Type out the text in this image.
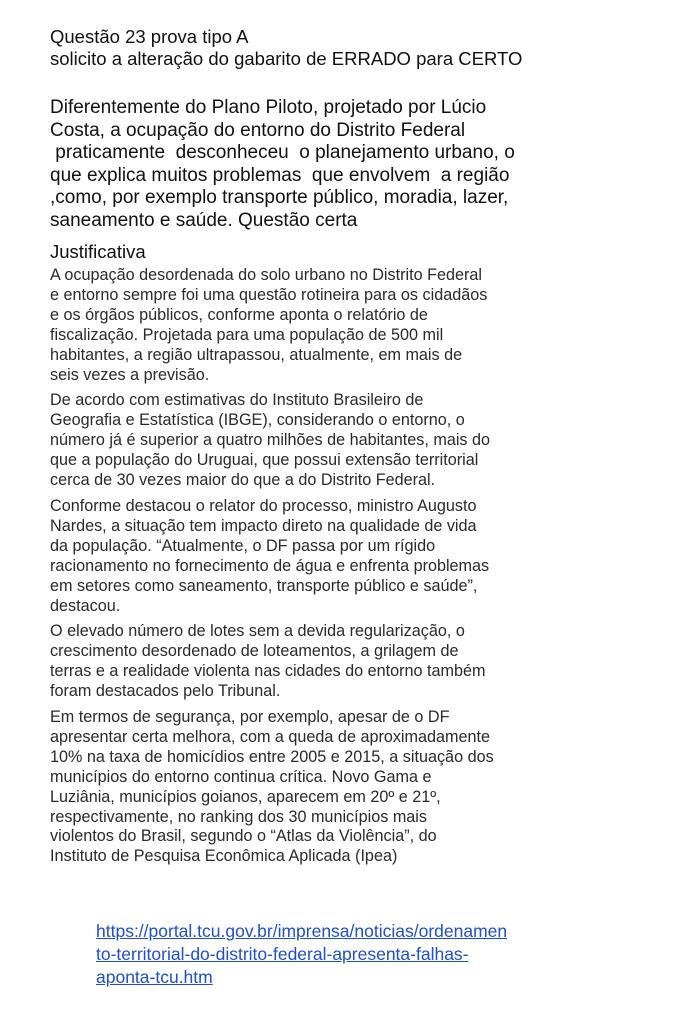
Questão 23 prova tipo A

solicito a alteração do gabarito de ERRADO para CERTO

Diferentemente do Plano Piloto, projetado por Lúcio

Costa, a ocupação do entorno do Distrito Federal

praticamente  desconheceu  o planejamento urbano, o

que explica muitos problemas  que envolvem  a região

,como, por exemplo transporte público, moradia, lazer,

saneamento e saúde. Questão certa

Justificativa

A ocupação desordenada do solo urbano no Distrito Federal
e entorno sempre foi uma questão rotineira para os cidadãos
e os órgãos públicos, conforme aponta o relatório de
fiscalização. Projetada para uma população de 500 mil
habitantes, a região ultrapassou, atualmente, em mais de
seis vezes a previsão.

De acordo com estimativas do Instituto Brasileiro de
Geografia e Estatística (IBGE), considerando o entorno, o
número já é superior a quatro milhões de habitantes, mais do
que a população do Uruguai, que possui extensão territorial
cerca de 30 vezes maior do que a do Distrito Federal.

Conforme destacou o relator do processo, ministro Augusto
Nardes, a situação tem impacto direto na qualidade de vida
da população. “Atualmente, o DF passa por um rígido
racionamento no fornecimento de água e enfrenta problemas
em setores como saneamento, transporte público e saúde”,
destacou.

O elevado número de lotes sem a devida regularização, o
crescimento desordenado de loteamentos, a grilagem de
terras e a realidade violenta nas cidades do entorno também
foram destacados pelo Tribunal.

Em termos de segurança, por exemplo, apesar de o DF
apresentar certa melhora, com a queda de aproximadamente
10% na taxa de homicídios entre 2005 e 2015, a situação dos
municípios do entorno continua crítica. Novo Gama e
Luziânia, municípios goianos, aparecem em 20º e 21º,
respectivamente, no ranking dos 30 municípios mais
violentos do Brasil, segundo o “Atlas da Violência”, do
Instituto de Pesquisa Econômica Aplicada (Ipea)

https://portal.tcu.gov.br/imprensa/noticias/ordenamen
to-territorial-do-distrito-federal-apresenta-falhas-
aponta-tcu.htm
